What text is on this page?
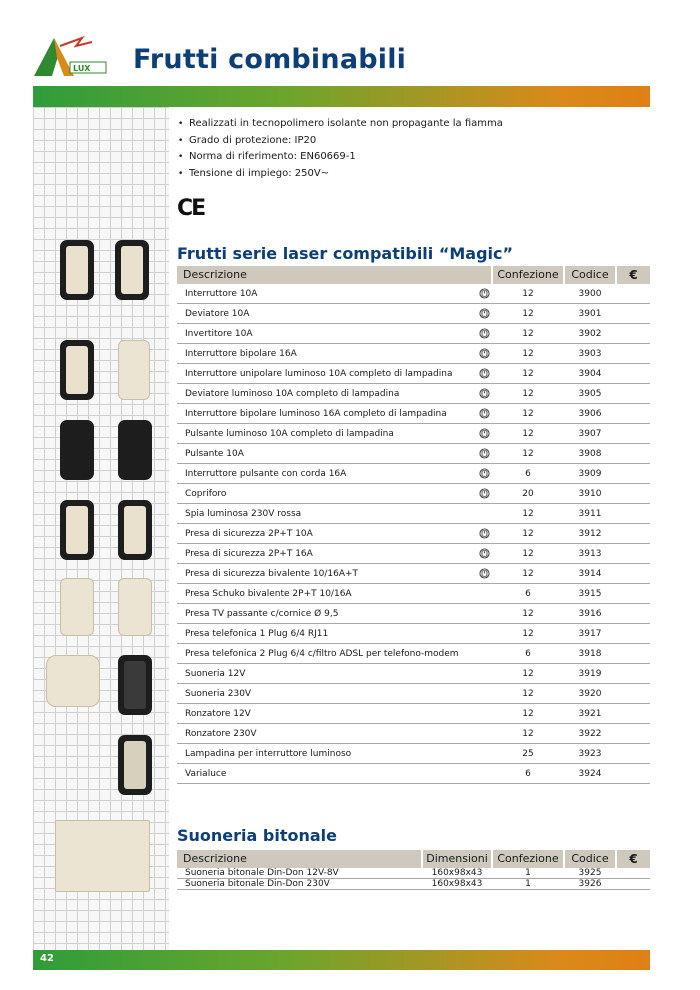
LUX Frutti combinabili
• Realizzati in tecnopolimero isolante non propagante la fiamma
• Grado di protezione: IP20
• Norma di riferimento: EN60669-1
• Tensione di impiego: 250V~
CE
Frutti serie laser compatibili “Magic”
Descrizione	Confezione	Codice	€
Interruttore 10A	12	3900
Deviatore 10A	12	3901
Invertitore 10A	12	3902
Interruttore bipolare 16A	12	3903
Interruttore unipolare luminoso 10A completo di lampadina	12	3904
Deviatore luminoso 10A completo di lampadina	12	3905
Interruttore bipolare luminoso 16A completo di lampadina	12	3906
Pulsante luminoso 10A completo di lampadina	12	3907
Pulsante 10A	12	3908
Interruttore pulsante con corda 16A	6	3909
Copriforo	20	3910
Spia luminosa 230V rossa	12	3911
Presa di sicurezza 2P+T 10A	12	3912
Presa di sicurezza 2P+T 16A	12	3913
Presa di sicurezza bivalente 10/16A+T	12	3914
Presa Schuko bivalente 2P+T 10/16A	6	3915
Presa TV passante c/cornice Ø 9,5	12	3916
Presa telefonica 1 Plug 6/4 RJ11	12	3917
Presa telefonica 2 Plug 6/4 c/filtro ADSL per telefono-modem	6	3918
Suoneria 12V	12	3919
Suoneria 230V	12	3920
Ronzatore 12V	12	3921
Ronzatore 230V	12	3922
Lampadina per interruttore luminoso	25	3923
Varialuce	6	3924
Suoneria bitonale
Descrizione	Dimensioni Confezione	Codice	€
Suoneria bitonale Din-Don 12V-8V	160x98x43	1	3925
Suoneria bitonale Din-Don 230V	160x98x43	1	3926
42
